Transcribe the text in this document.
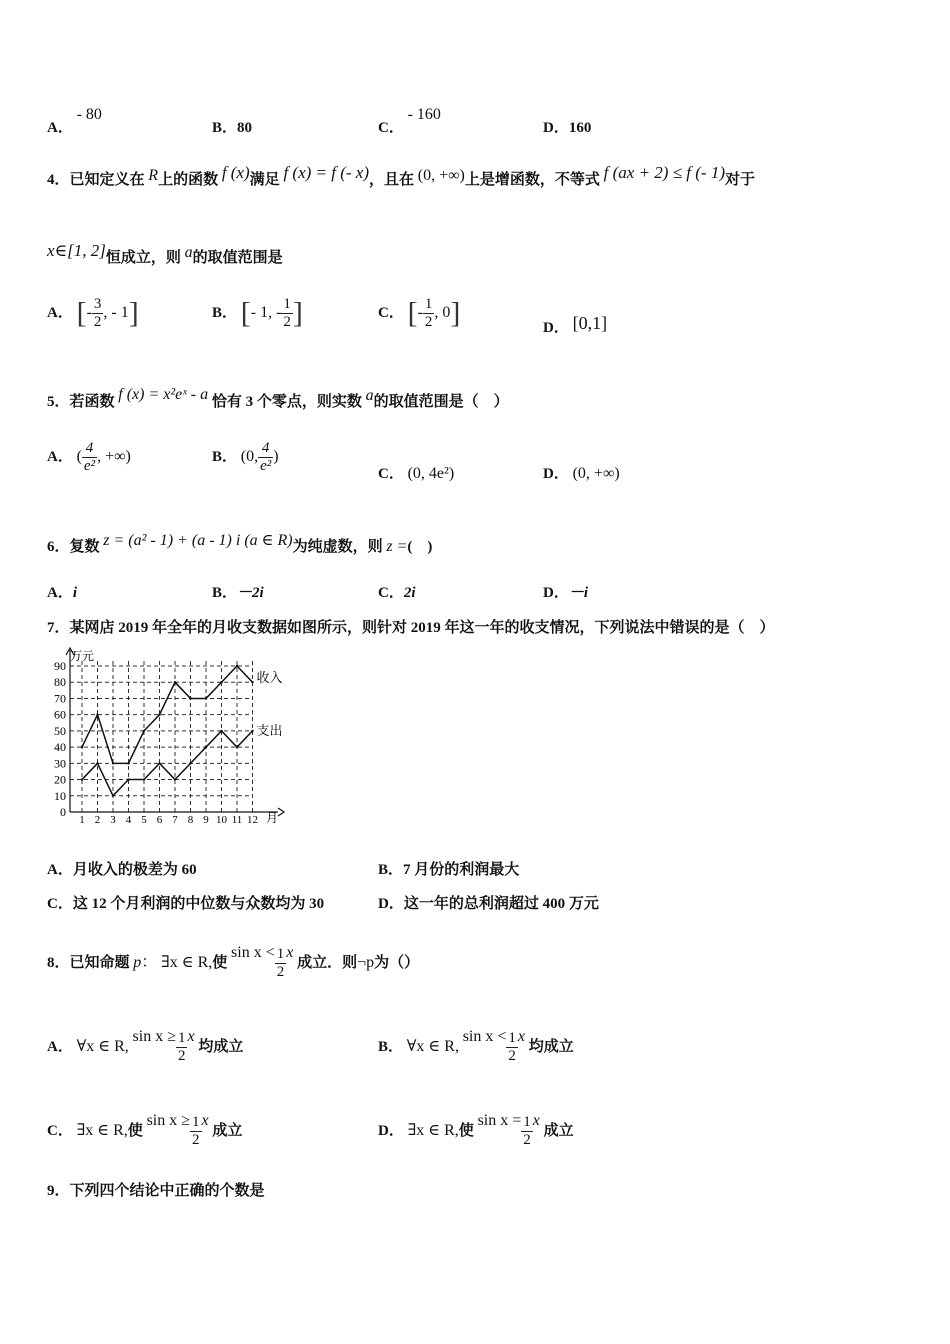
A． - 80
B．80	C． - 160
D．160
4．已知定义在 R上的函数 f (x)满足 f (x) = f (- x)，且在 (0, +∞)上是增函数，不等式 f (ax + 2) ≤ f (- 1)对于
x∈[1, 2]恒成立，则 a的取值范围是
A． [- $\frac{3}{2}$ , - 1]	B． [- 1, - $\frac{1}{2}$ ]	C． [- $\frac{1}{2}$ , 0]	D． [0,1]
5．若函数 f (x) = x²eˣ - a 恰有 3 个零点，则实数 a的取值范围是（　）
A． ( $\frac{4}{\text{e²}}$ , +∞)	B． (0, $\frac{4}{\text{e²}}$ )
C． (0, 4e²)	D． (0, +∞)
6．复数 z = (a² - 1) + (a - 1) i (a ∈ R)为纯虚数，则 z =(　)
A．i	B．－2i	C．2i	D．－i
7．某网店 2019 年全年的月收支数据如图所示，则针对 2019 年这一年的收支情况，下列说法中错误的是（　）
0
10
20
30
40
50
60
70
80
90
1 2 3 4 5 6 7 8 9 10 11 12
收入
支出
万元
月
A．月收入的极差为 60	B．7 月份的利润最大
C．这 12 个月利润的中位数与众数均为 30	D．这一年的总利润超过 400 万元
8．已知命题 p： ∃x ∈ R,使 $\sin x < \frac{1}{2}$ x 成立．则¬p为（）
A． ∀x ∈ R, $\sin x \ge \frac{1}{2}$ x 均成立	B． ∀x ∈ R, $\sin x < \frac{1}{2}$ x 均成立
C． ∃x ∈ R,使 $\sin x \ge \frac{1}{2}$ x 成立	D． ∃x ∈ R,使 $\sin x = \frac{1}{2}$ x 成立
9．下列四个结论中正确的个数是
